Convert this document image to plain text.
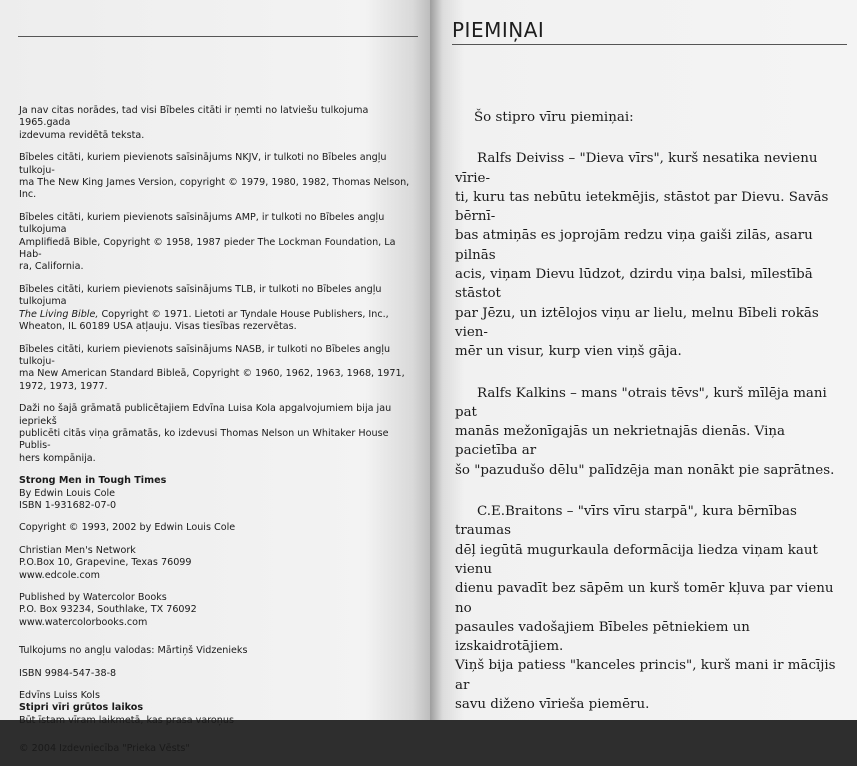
Ja nav citas norādes, tad visi Bībeles citāti ir ņemti no latviešu tulkojuma 1965.gada
izdevuma revidētā teksta.

Bībeles citāti, kuriem pievienots saīsinājums NKJV, ir tulkoti no Bībeles angļu tulkoju-
ma The New King James Version, copyright © 1979, 1980, 1982, Thomas Nelson,
Inc.

Bībeles citāti, kuriem pievienots saīsinājums AMP, ir tulkoti no Bībeles angļu tulkojuma
Amplifiedā Bible, Copyright © 1958, 1987 pieder The Lockman Foundation, La Hab-
ra, California.

Bībeles citāti, kuriem pievienots saīsinājums TLB, ir tulkoti no Bībeles angļu tulkojuma
The Living Bible, Copyright © 1971. Lietoti ar Tyndale House Publishers, Inc.,
Wheaton, IL 60189 USA atļauju. Visas tiesības rezervētas.

Bībeles citāti, kuriem pievienots saīsinājums NASB, ir tulkoti no Bībeles angļu tulkoju-
ma New American Standard Bibleā, Copyright © 1960, 1962, 1963, 1968, 1971,
1972, 1973, 1977.

Daži no šajā grāmatā publicētajiem Edvīna Luisa Kola apgalvojumiem bija jau iepriekš
publicēti citās viņa grāmatās, ko izdevusi Thomas Nelson un Whitaker House Publis-
hers kompānija.

Strong Men in Tough Times
By Edwin Louis Cole
ISBN 1-931682-07-0

Copyright © 1993, 2002 by Edwin Louis Cole

Christian Men's Network
P.O.Box 10, Grapevine, Texas 76099
www.edcole.com

Published by Watercolor Books
P.O. Box 93234, Southlake, TX 76092
www.watercolorbooks.com

Tulkojums no angļu valodas: Mārtiņš Vidzenieks

ISBN 9984-547-38-8

Edvīns Luiss Kols
Stipri vīri grūtos laikos
Būt īstam vīram laikmetā, kas prasa varoņus

© 2004 Izdevniecība "Prieka Vēsts"

PIEMIŅAI

Šo stipro vīru piemiņai:

Ralfs Deiviss – "Dieva vīrs", kurš nesatika nevienu vīrie-
ti, kuru tas nebūtu ietekmējis, stāstot par Dievu. Savās bērnī-
bas atmiņās es joprojām redzu viņa gaiši zilās, asaru pilnās
acis, viņam Dievu lūdzot, dzirdu viņa balsi, mīlestībā stāstot
par Jēzu, un iztēlojos viņu ar lielu, melnu Bībeli rokās vien-
mēr un visur, kurp vien viņš gāja.

Ralfs Kalkins – mans "otrais tēvs", kurš mīlēja mani pat
manās mežonīgajās un nekrietnajās dienās. Viņa pacietība ar
šo "pazudušo dēlu" palīdzēja man nonākt pie saprātnes.

C.E.Braitons – "vīrs vīru starpā", kura bērnības traumas
dēļ iegūtā mugurkaula deformācija liedza viņam kaut vienu
dienu pavadīt bez sāpēm un kurš tomēr kļuva par vienu no
pasaules vadošajiem Bībeles pētniekiem un izskaidrotājiem.
Viņš bija patiess "kanceles princis", kurš mani ir mācījis ar
savu diženo vīrieša piemēru.
